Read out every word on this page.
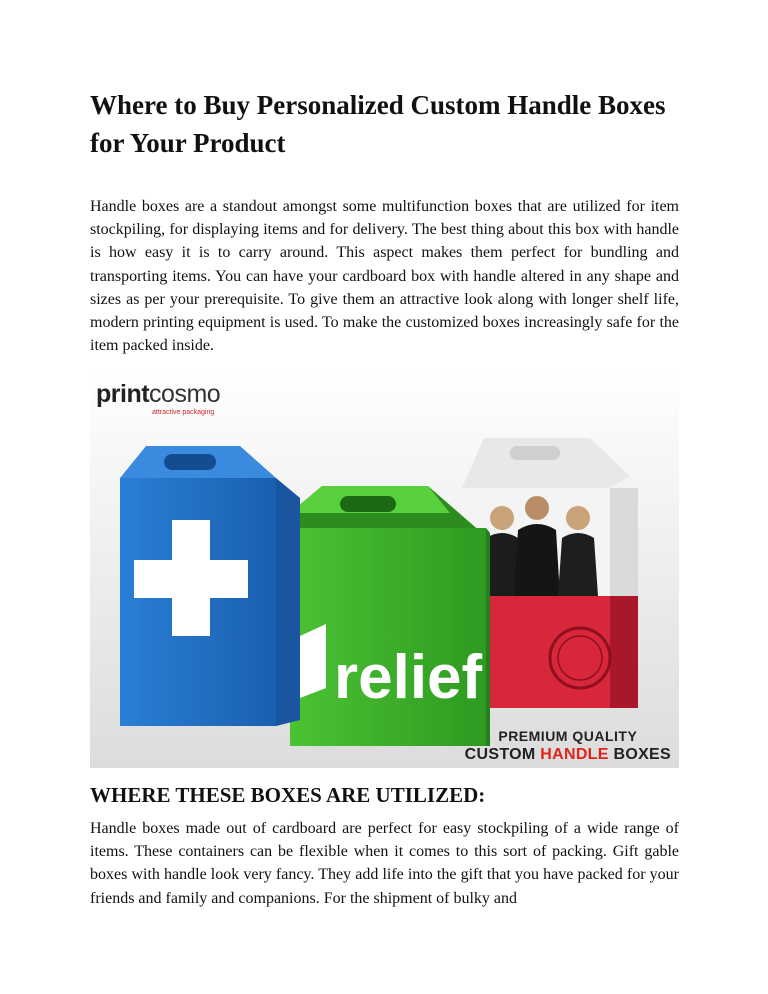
Where to Buy Personalized Custom Handle Boxes for Your Product

Handle boxes are a standout amongst some multifunction boxes that are utilized for item stockpiling, for displaying items and for delivery. The best thing about this box with handle is how easy it is to carry around. This aspect makes them perfect for bundling and transporting items. You can have your cardboard box with handle altered in any shape and sizes as per your prerequisite. To give them an attractive look along with longer shelf life, modern printing equipment is used. To make the customized boxes increasingly safe for the item packed inside.

relief
printcosmo
attractive packaging
PREMIUM QUALITY
CUSTOM HANDLE BOXES
WHERE THESE BOXES ARE UTILIZED:

Handle boxes made out of cardboard are perfect for easy stockpiling of a wide range of items. These containers can be flexible when it comes to this sort of packing. Gift gable boxes with handle look very fancy. They add life into the gift that you have packed for your friends and family and companions. For the shipment of bulky and
